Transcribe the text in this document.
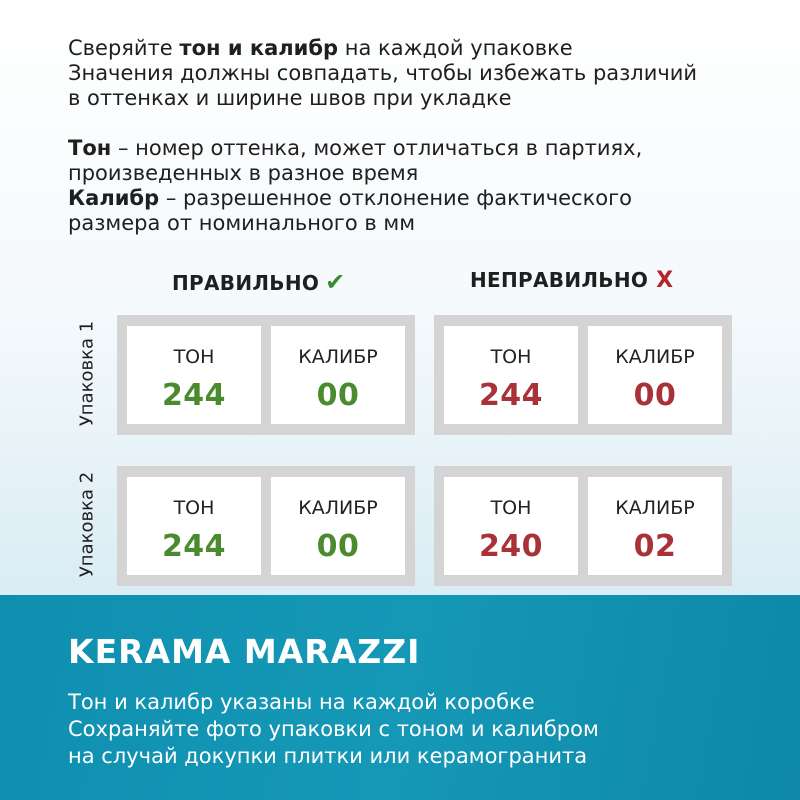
Сверяйте тон и калибр на каждой упаковке

Значения должны совпадать, чтобы избежать различий

в оттенках и ширине швов при укладке

Тон – номер оттенка, может отличаться в партиях,

произведенных в разное время

Калибр – разрешенное отклонение фактического

размера от номинального в мм

ПРАВИЛЬНО ✔	НЕПРАВИЛЬНО X
Упаковка 1
Упаковка 2
ТОН
244
КАЛИБР
00
ТОН
244
КАЛИБР
00
ТОН
244
КАЛИБР
00
ТОН
240
КАЛИБР
02
KERAMA MARAZZI

Тон и калибр указаны на каждой коробке

Сохраняйте фото упаковки с тоном и калибром

на случай докупки плитки или керамогранита
